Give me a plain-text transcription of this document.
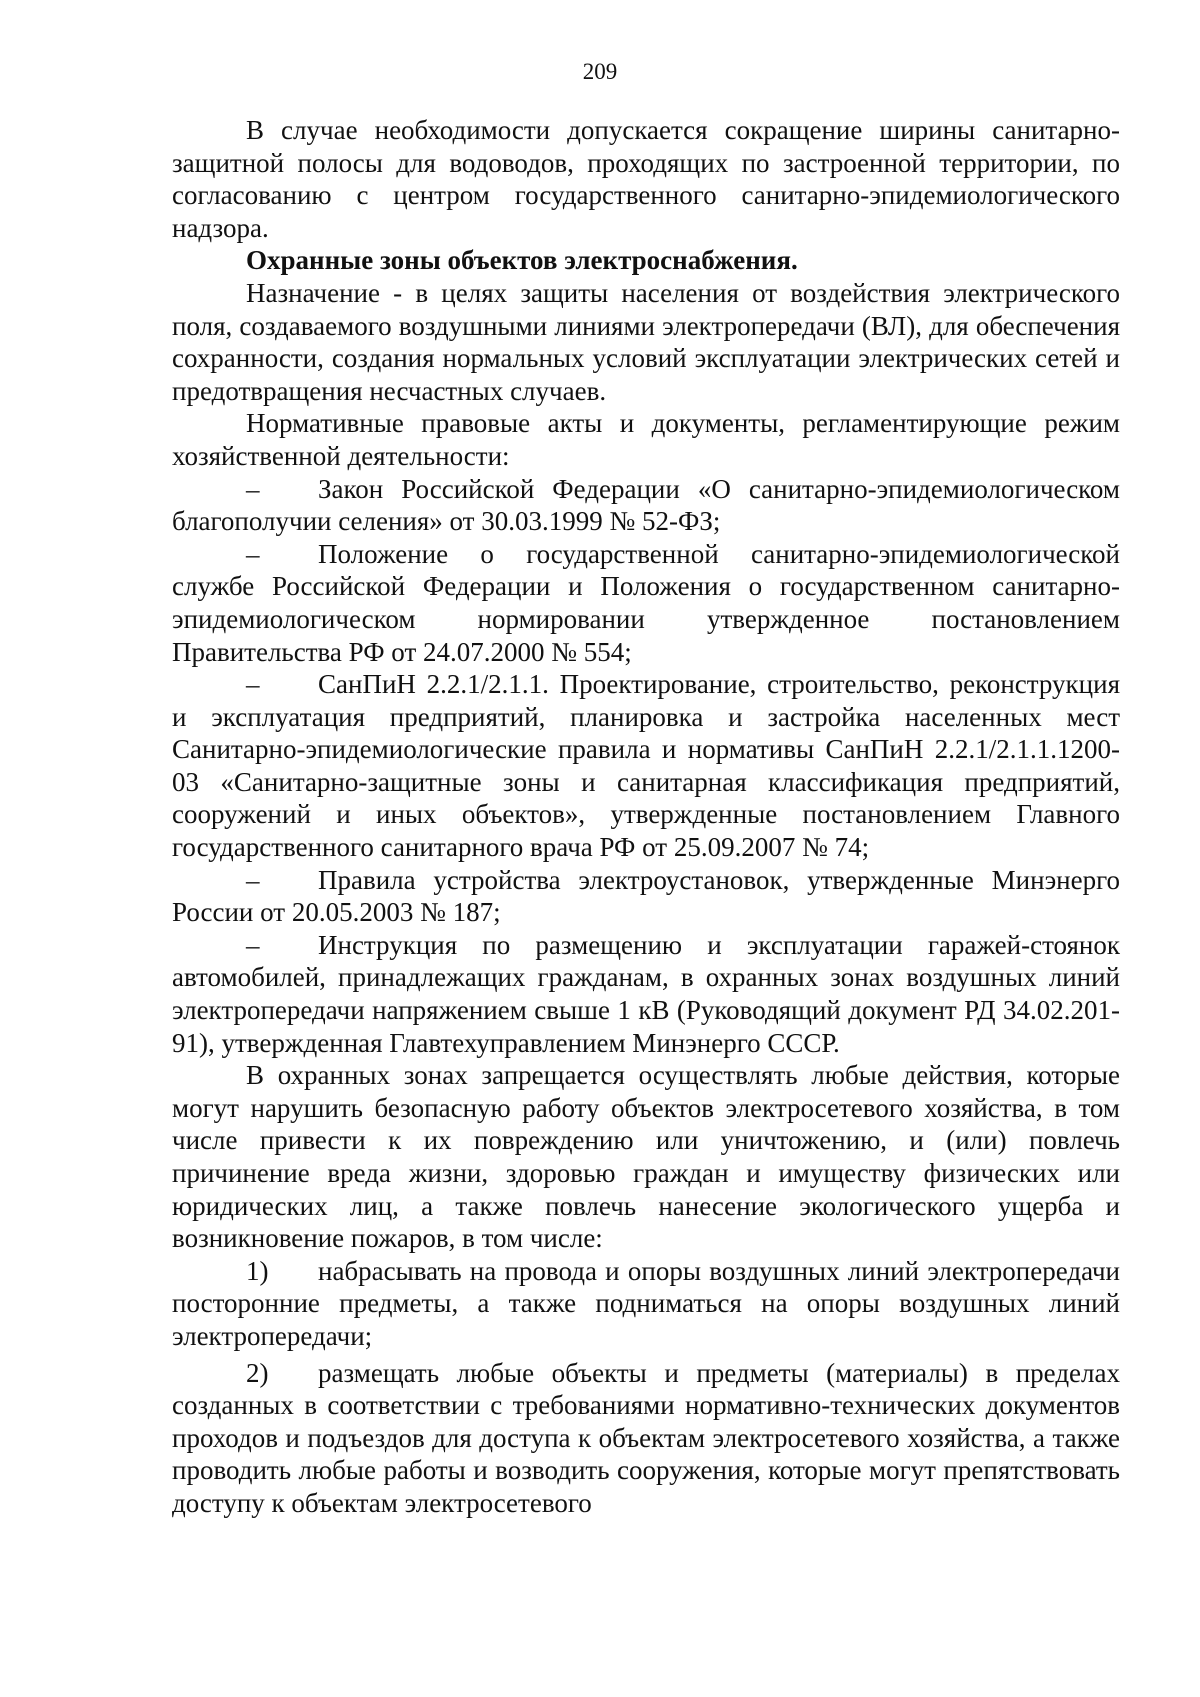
209

В случае необходимости допускается сокращение ширины санитарно-защитной полосы для водоводов, проходящих по застроенной территории, по согласованию с центром государственного санитарно-эпидемиологического надзора.

Охранные зоны объектов электроснабжения.

Назначение - в целях защиты населения от воздействия электрического поля, создаваемого воздушными линиями электропередачи (ВЛ), для обеспечения сохранности, создания нормальных условий эксплуатации электрических сетей и предотвращения несчастных случаев.

Нормативные правовые акты и документы, регламентирующие режим хозяйственной деятельности:

– Закон Российской Федерации «О санитарно-эпидемиологическом благополучии селения» от 30.03.1999 № 52-ФЗ;

– Положение о государственной санитарно-эпидемиологической службе Российской Федерации и Положения о государственном санитарно-эпидемиологическом нормировании утвержденное постановлением Правительства РФ от 24.07.2000 № 554;

– СанПиН 2.2.1/2.1.1. Проектирование, строительство, реконструкция и эксплуатация предприятий, планировка и застройка населенных мест Санитарно-эпидемиологические правила и нормативы СанПиН 2.2.1/2.1.1.1200-03 «Санитарно-защитные зоны и санитарная классификация предприятий, сооружений и иных объектов», утвержденные постановлением Главного государственного санитарного врача РФ от 25.09.2007 № 74;

– Правила устройства электроустановок, утвержденные Минэнерго России от 20.05.2003 № 187;

– Инструкция по размещению и эксплуатации гаражей-стоянок автомобилей, принадлежащих гражданам, в охранных зонах воздушных линий электропередачи напряжением свыше 1 кВ (Руководящий документ РД 34.02.201-91), утвержденная Главтехуправлением Минэнерго СССР.

В охранных зонах запрещается осуществлять любые действия, которые могут нарушить безопасную работу объектов электросетевого хозяйства, в том числе привести к их повреждению или уничтожению, и (или) повлечь причинение вреда жизни, здоровью граждан и имуществу физических или юридических лиц, а также повлечь нанесение экологического ущерба и возникновение пожаров, в том числе:

1) набрасывать на провода и опоры воздушных линий электропередачи посторонние предметы, а также подниматься на опоры воздушных линий электропередачи;

2) размещать любые объекты и предметы (материалы) в пределах созданных в соответствии с требованиями нормативно-технических документов проходов и подъездов для доступа к объектам электросетевого хозяйства, а также проводить любые работы и возводить сооружения, которые могут препятствовать доступу к объектам электросетевого
